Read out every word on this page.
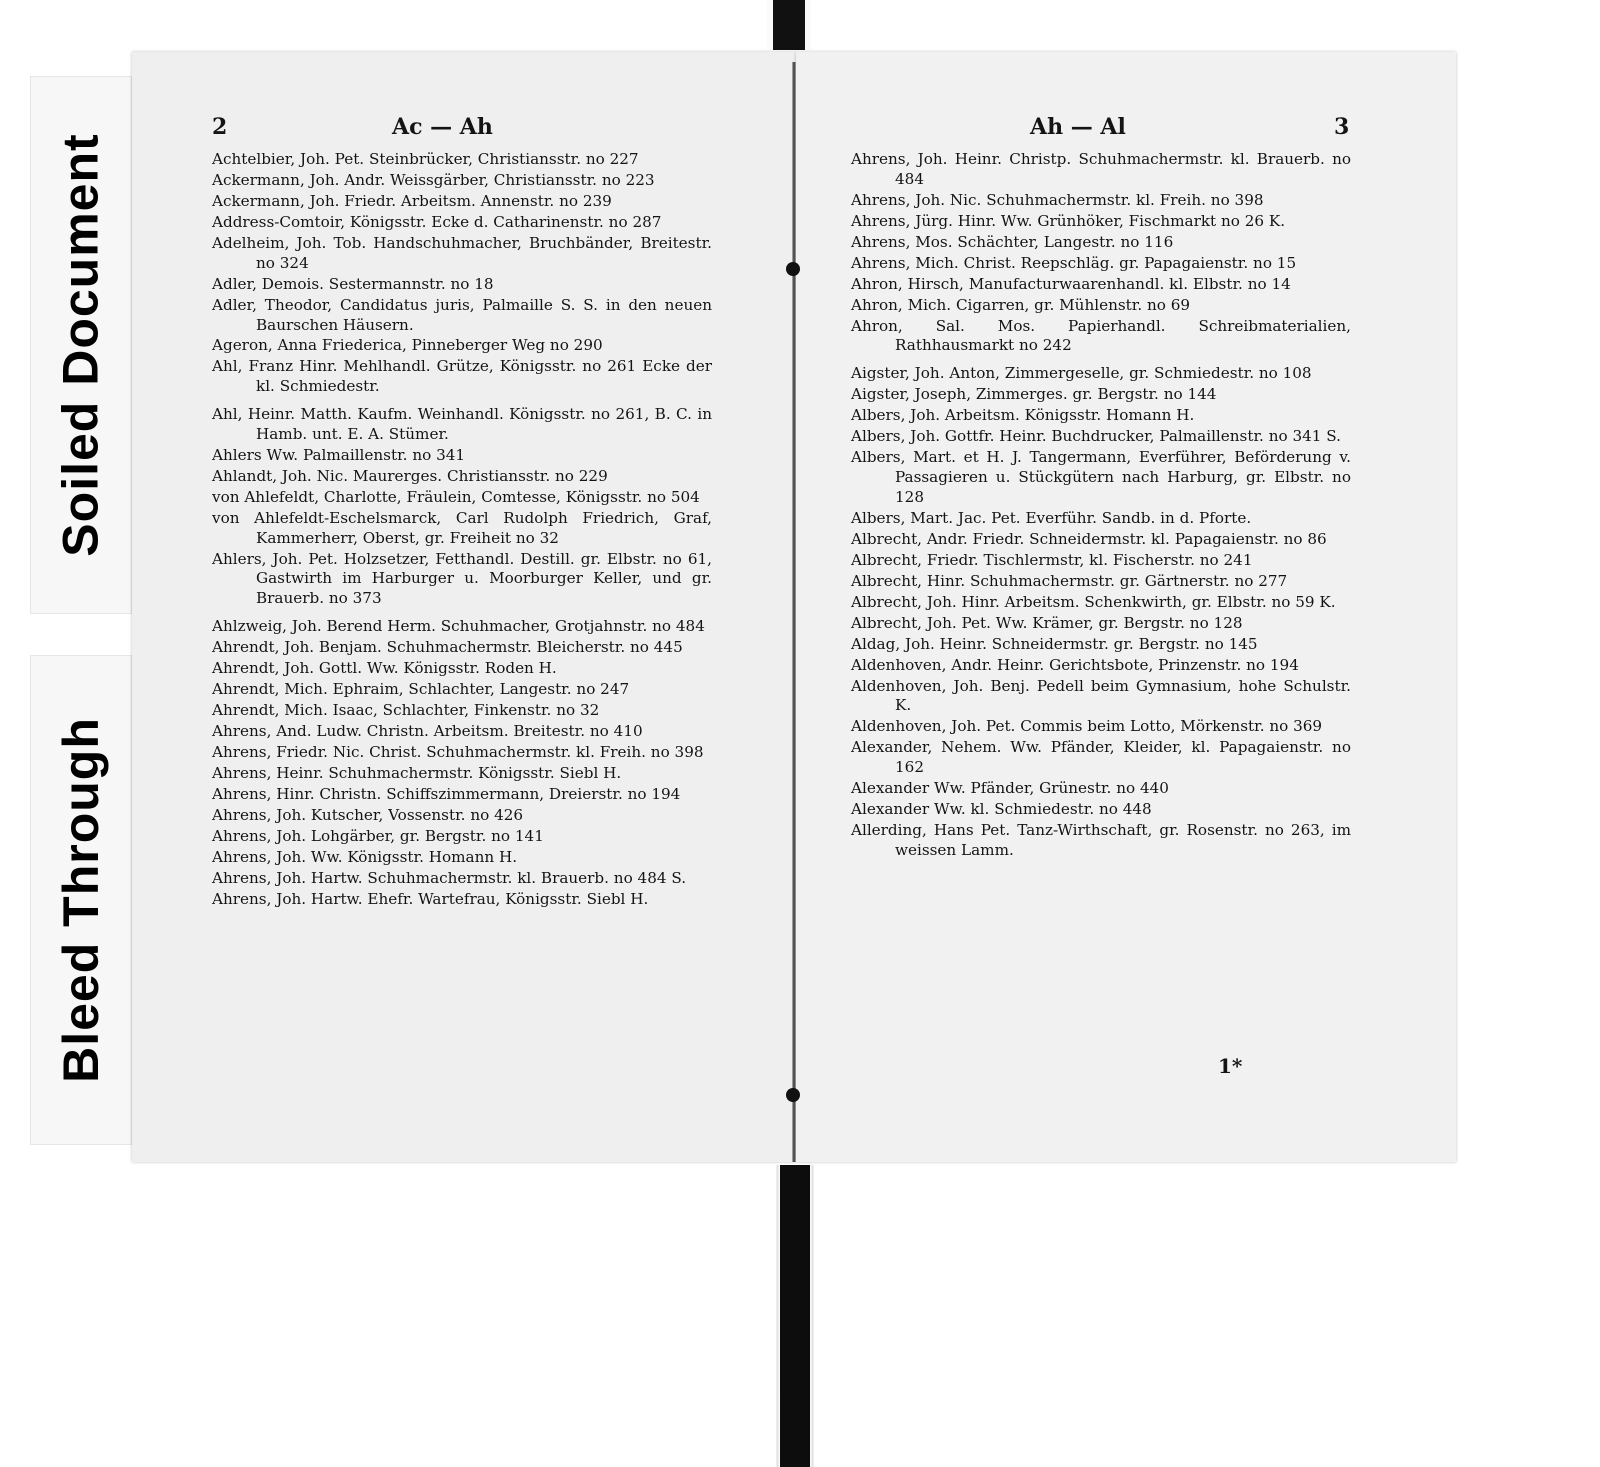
Soiled Document
Bleed Through
2	Ac — Ah	Ah — Al	3
Achtelbier, Joh. Pet. Steinbrücker, Christiansstr. no 227
Ackermann, Joh. Andr. Weissgärber, Christiansstr. no 223
Ackermann, Joh. Friedr. Arbeitsm. Annenstr. no 239
Address-Comtoir, Königsstr. Ecke d. Catharinenstr. no 287
Adelheim, Joh. Tob. Handschuhmacher, Bruchbänder, Breitestr. no 324
Adler, Demois. Sestermannstr. no 18
Adler, Theodor, Candidatus juris, Palmaille S. S. in den neuen Baurschen Häusern.
Ageron, Anna Friederica, Pinneberger Weg no 290
Ahl, Franz Hinr. Mehlhandl. Grütze, Königsstr. no 261 Ecke der kl. Schmiedestr.
Ahl, Heinr. Matth. Kaufm. Weinhandl. Königsstr. no 261, B. C. in Hamb. unt. E. A. Stümer.
Ahlers Ww. Palmaillenstr. no 341
Ahlandt, Joh. Nic. Maurerges. Christiansstr. no 229
von Ahlefeldt, Charlotte, Fräulein, Comtesse, Königsstr. no 504
von Ahlefeldt-Eschelsmarck, Carl Rudolph Friedrich, Graf, Kammerherr, Oberst, gr. Freiheit no 32
Ahlers, Joh. Pet. Holzsetzer, Fetthandl. Destill. gr. Elbstr. no 61, Gastwirth im Harburger u. Moorburger Keller, und gr. Brauerb. no 373
Ahlzweig, Joh. Berend Herm. Schuhmacher, Grotjahnstr. no 484
Ahrendt, Joh. Benjam. Schuhmachermstr. Bleicherstr. no 445
Ahrendt, Joh. Gottl. Ww. Königsstr. Roden H.
Ahrendt, Mich. Ephraim, Schlachter, Langestr. no 247
Ahrendt, Mich. Isaac, Schlachter, Finkenstr. no 32
Ahrens, And. Ludw. Christn. Arbeitsm. Breitestr. no 410
Ahrens, Friedr. Nic. Christ. Schuhmachermstr. kl. Freih. no 398
Ahrens, Heinr. Schuhmachermstr. Königsstr. Siebl H.
Ahrens, Hinr. Christn. Schiffszimmermann, Dreierstr. no 194
Ahrens, Joh. Kutscher, Vossenstr. no 426
Ahrens, Joh. Lohgärber, gr. Bergstr. no 141
Ahrens, Joh. Ww. Königsstr. Homann H.
Ahrens, Joh. Hartw. Schuhmachermstr. kl. Brauerb. no 484 S.
Ahrens, Joh. Hartw. Ehefr. Wartefrau, Königsstr. Siebl H.
Ahrens, Joh. Heinr. Christp. Schuhmachermstr. kl. Brauerb. no 484
Ahrens, Joh. Nic. Schuhmachermstr. kl. Freih. no 398
Ahrens, Jürg. Hinr. Ww. Grünhöker, Fischmarkt no 26 K.
Ahrens, Mos. Schächter, Langestr. no 116
Ahrens, Mich. Christ. Reepschläg. gr. Papagaienstr. no 15
Ahron, Hirsch, Manufacturwaarenhandl. kl. Elbstr. no 14
Ahron, Mich. Cigarren, gr. Mühlenstr. no 69
Ahron, Sal. Mos. Papierhandl. Schreibmaterialien, Rathhausmarkt no 242
Aigster, Joh. Anton, Zimmergeselle, gr. Schmiedestr. no 108
Aigster, Joseph, Zimmerges. gr. Bergstr. no 144
Albers, Joh. Arbeitsm. Königsstr. Homann H.
Albers, Joh. Gottfr. Heinr. Buchdrucker, Palmaillenstr. no 341 S.
Albers, Mart. et H. J. Tangermann, Everführer, Beförderung v. Passagieren u. Stückgütern nach Harburg, gr. Elbstr. no 128
Albers, Mart. Jac. Pet. Everführ. Sandb. in d. Pforte.
Albrecht, Andr. Friedr. Schneidermstr. kl. Papagaienstr. no 86
Albrecht, Friedr. Tischlermstr, kl. Fischerstr. no 241
Albrecht, Hinr. Schuhmachermstr. gr. Gärtnerstr. no 277
Albrecht, Joh. Hinr. Arbeitsm. Schenkwirth, gr. Elbstr. no 59 K.
Albrecht, Joh. Pet. Ww. Krämer, gr. Bergstr. no 128
Aldag, Joh. Heinr. Schneidermstr. gr. Bergstr. no 145
Aldenhoven, Andr. Heinr. Gerichtsbote, Prinzenstr. no 194
Aldenhoven, Joh. Benj. Pedell beim Gymnasium, hohe Schulstr. K.
Aldenhoven, Joh. Pet. Commis beim Lotto, Mörkenstr. no 369
Alexander, Nehem. Ww. Pfänder, Kleider, kl. Papagaienstr. no 162
Alexander Ww. Pfänder, Grünestr. no 440
Alexander Ww. kl. Schmiedestr. no 448
Allerding, Hans Pet. Tanz-Wirthschaft, gr. Rosenstr. no 263, im weissen Lamm.
1*
